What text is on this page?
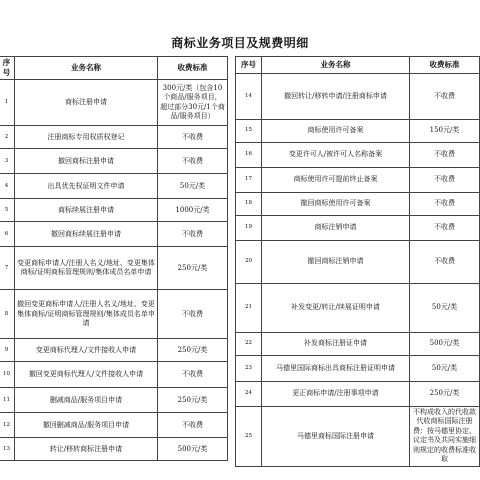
商标业务项目及规费明细
序号	业务名称	收费标准
1	商标注册申请	300元/类（包含10个商品/服务项目，超过部分30元/1个商品/服务项目）
2	注册商标专用权质权登记	不收费
3	撤回商标注册申请	不收费
4	出具优先权证明文件申请	50元/类
5	商标续展注册申请	1000元/类
6	撤回商标续展注册申请	不收费
7	变更商标申请人/注册人名义/地址、变更集体商标/证明商标管理规则/集体成员名单申请	250元/类
8	撤回变更商标申请人/注册人名义/地址、变更集体商标/证明商标管理规则/集体成员名单申请	不收费
9	变更商标代理人/文件接收人申请	250元/类
10	撤回变更商标代理人/文件接收人申请	不收费
11	删减商品/服务项目申请	250元/类
12	撤回删减商品/服务项目申请	不收费
13	转让/移转商标注册申请	500元/类
序号	业务名称	收费标准
14	撤回转让/移转申请/注册商标申请	不收费
15	商标使用许可备案	150元/类
16	变更许可人/被许可人名称备案	不收费
17	商标使用许可提前终止备案	不收费
18	撤回商标使用许可备案	不收费
19	商标注销申请	不收费
20	撤回商标注销申请	不收费
21	补发变更/转让/续展证明申请	50元/类
22	补发商标注册证申请	500元/类
23	马德里国际商标出具商标注册证明申请	50元/类
24	更正商标申请/注册事项申请	250元/类
25	马德里商标国际注册申请	不构成收入的代收款代收商标国际注册费：按马德里协定、议定书及共同实施细则规定的收费标准收取
